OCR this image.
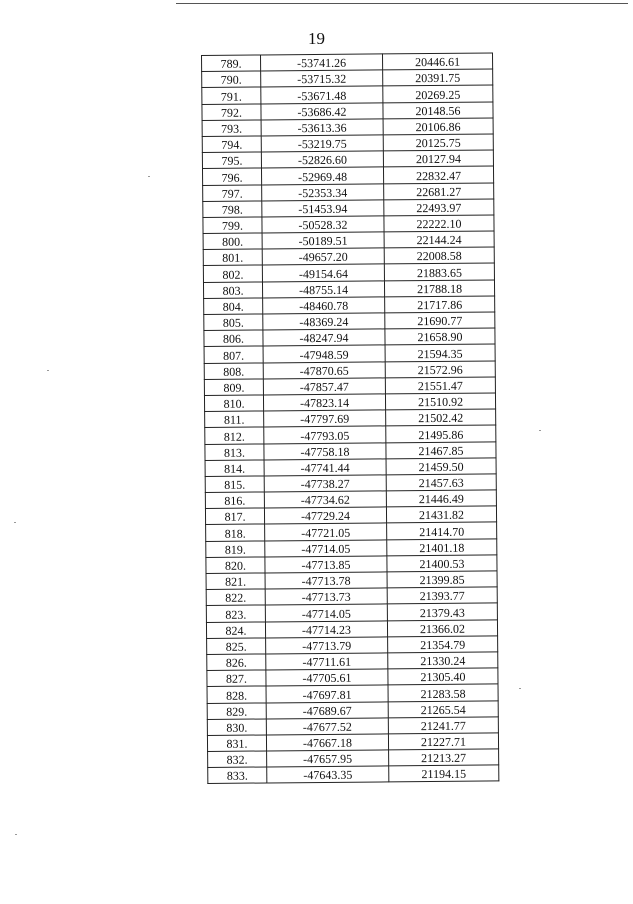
19
789.	-53741.26	20446.61
790.	-53715.32	20391.75
791.	-53671.48	20269.25
792.	-53686.42	20148.56
793.	-53613.36	20106.86
794.	-53219.75	20125.75
795.	-52826.60	20127.94
796.	-52969.48	22832.47
797.	-52353.34	22681.27
798.	-51453.94	22493.97
799.	-50528.32	22222.10
800.	-50189.51	22144.24
801.	-49657.20	22008.58
802.	-49154.64	21883.65
803.	-48755.14	21788.18
804.	-48460.78	21717.86
805.	-48369.24	21690.77
806.	-48247.94	21658.90
807.	-47948.59	21594.35
808.	-47870.65	21572.96
809.	-47857.47	21551.47
810.	-47823.14	21510.92
811.	-47797.69	21502.42
812.	-47793.05	21495.86
813.	-47758.18	21467.85
814.	-47741.44	21459.50
815.	-47738.27	21457.63
816.	-47734.62	21446.49
817.	-47729.24	21431.82
818.	-47721.05	21414.70
819.	-47714.05	21401.18
820.	-47713.85	21400.53
821.	-47713.78	21399.85
822.	-47713.73	21393.77
823.	-47714.05	21379.43
824.	-47714.23	21366.02
825.	-47713.79	21354.79
826.	-47711.61	21330.24
827.	-47705.61	21305.40
828.	-47697.81	21283.58
829.	-47689.67	21265.54
830.	-47677.52	21241.77
831.	-47667.18	21227.71
832.	-47657.95	21213.27
833.	-47643.35	21194.15
